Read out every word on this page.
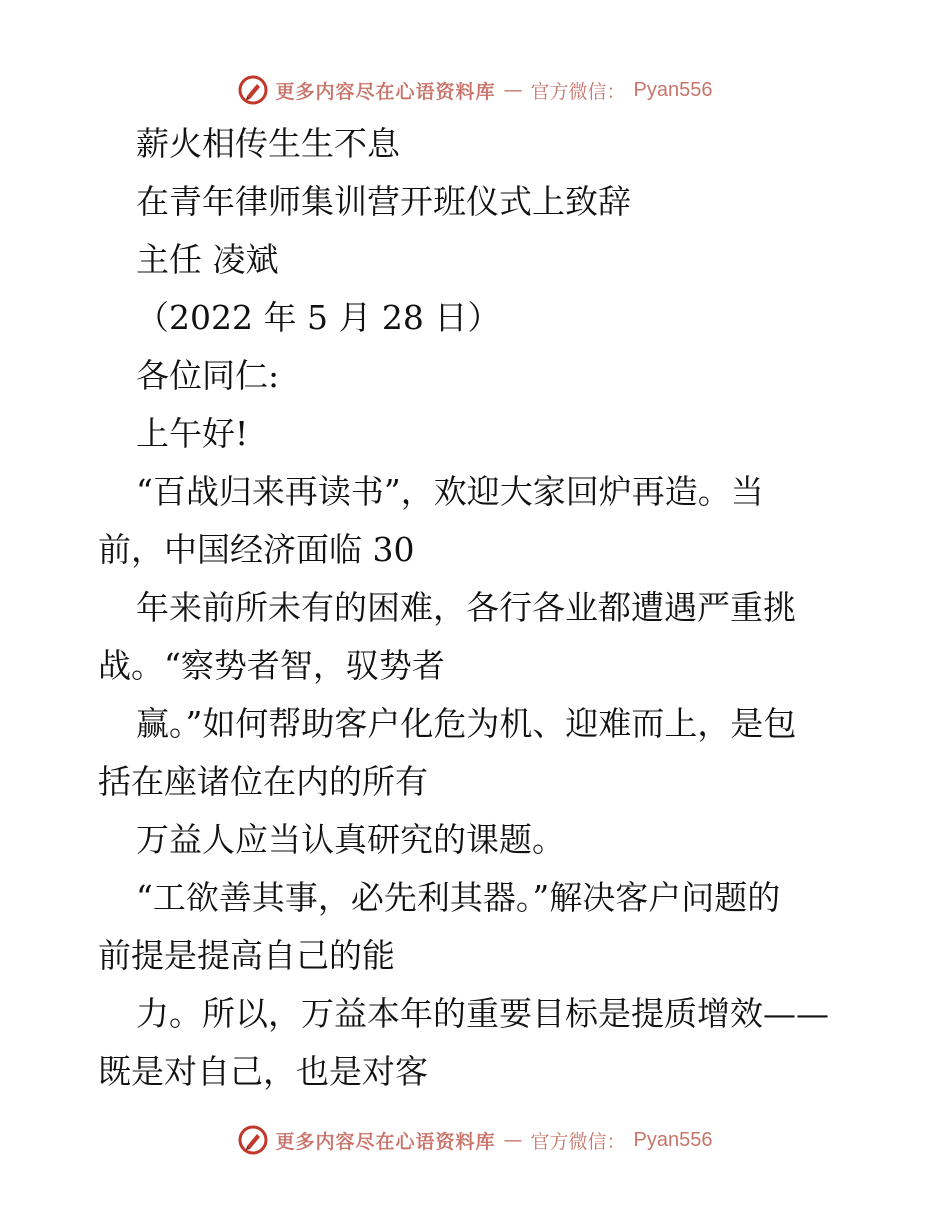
更多内容尽在心语资料库 — 官方微信： Pyan556
薪火相传生生不息
在青年律师集训营开班仪式上致辞
主任 凌斌
（2022 年 5 月 28 日）
各位同仁:
上午好!
“百战归来再读书”，欢迎大家回炉再造。当
前，中国经济面临 30
年来前所未有的困难，各行各业都遭遇严重挑
战。“察势者智，驭势者
赢。”如何帮助客户化危为机、迎难而上，是包
括在座诸位在内的所有
万益人应当认真研究的课题。
“工欲善其事，必先利其器。”解决客户问题的
前提是提高自己的能
力。所以，万益本年的重要目标是提质增效——
既是对自己，也是对客
更多内容尽在心语资料库 — 官方微信： Pyan556
